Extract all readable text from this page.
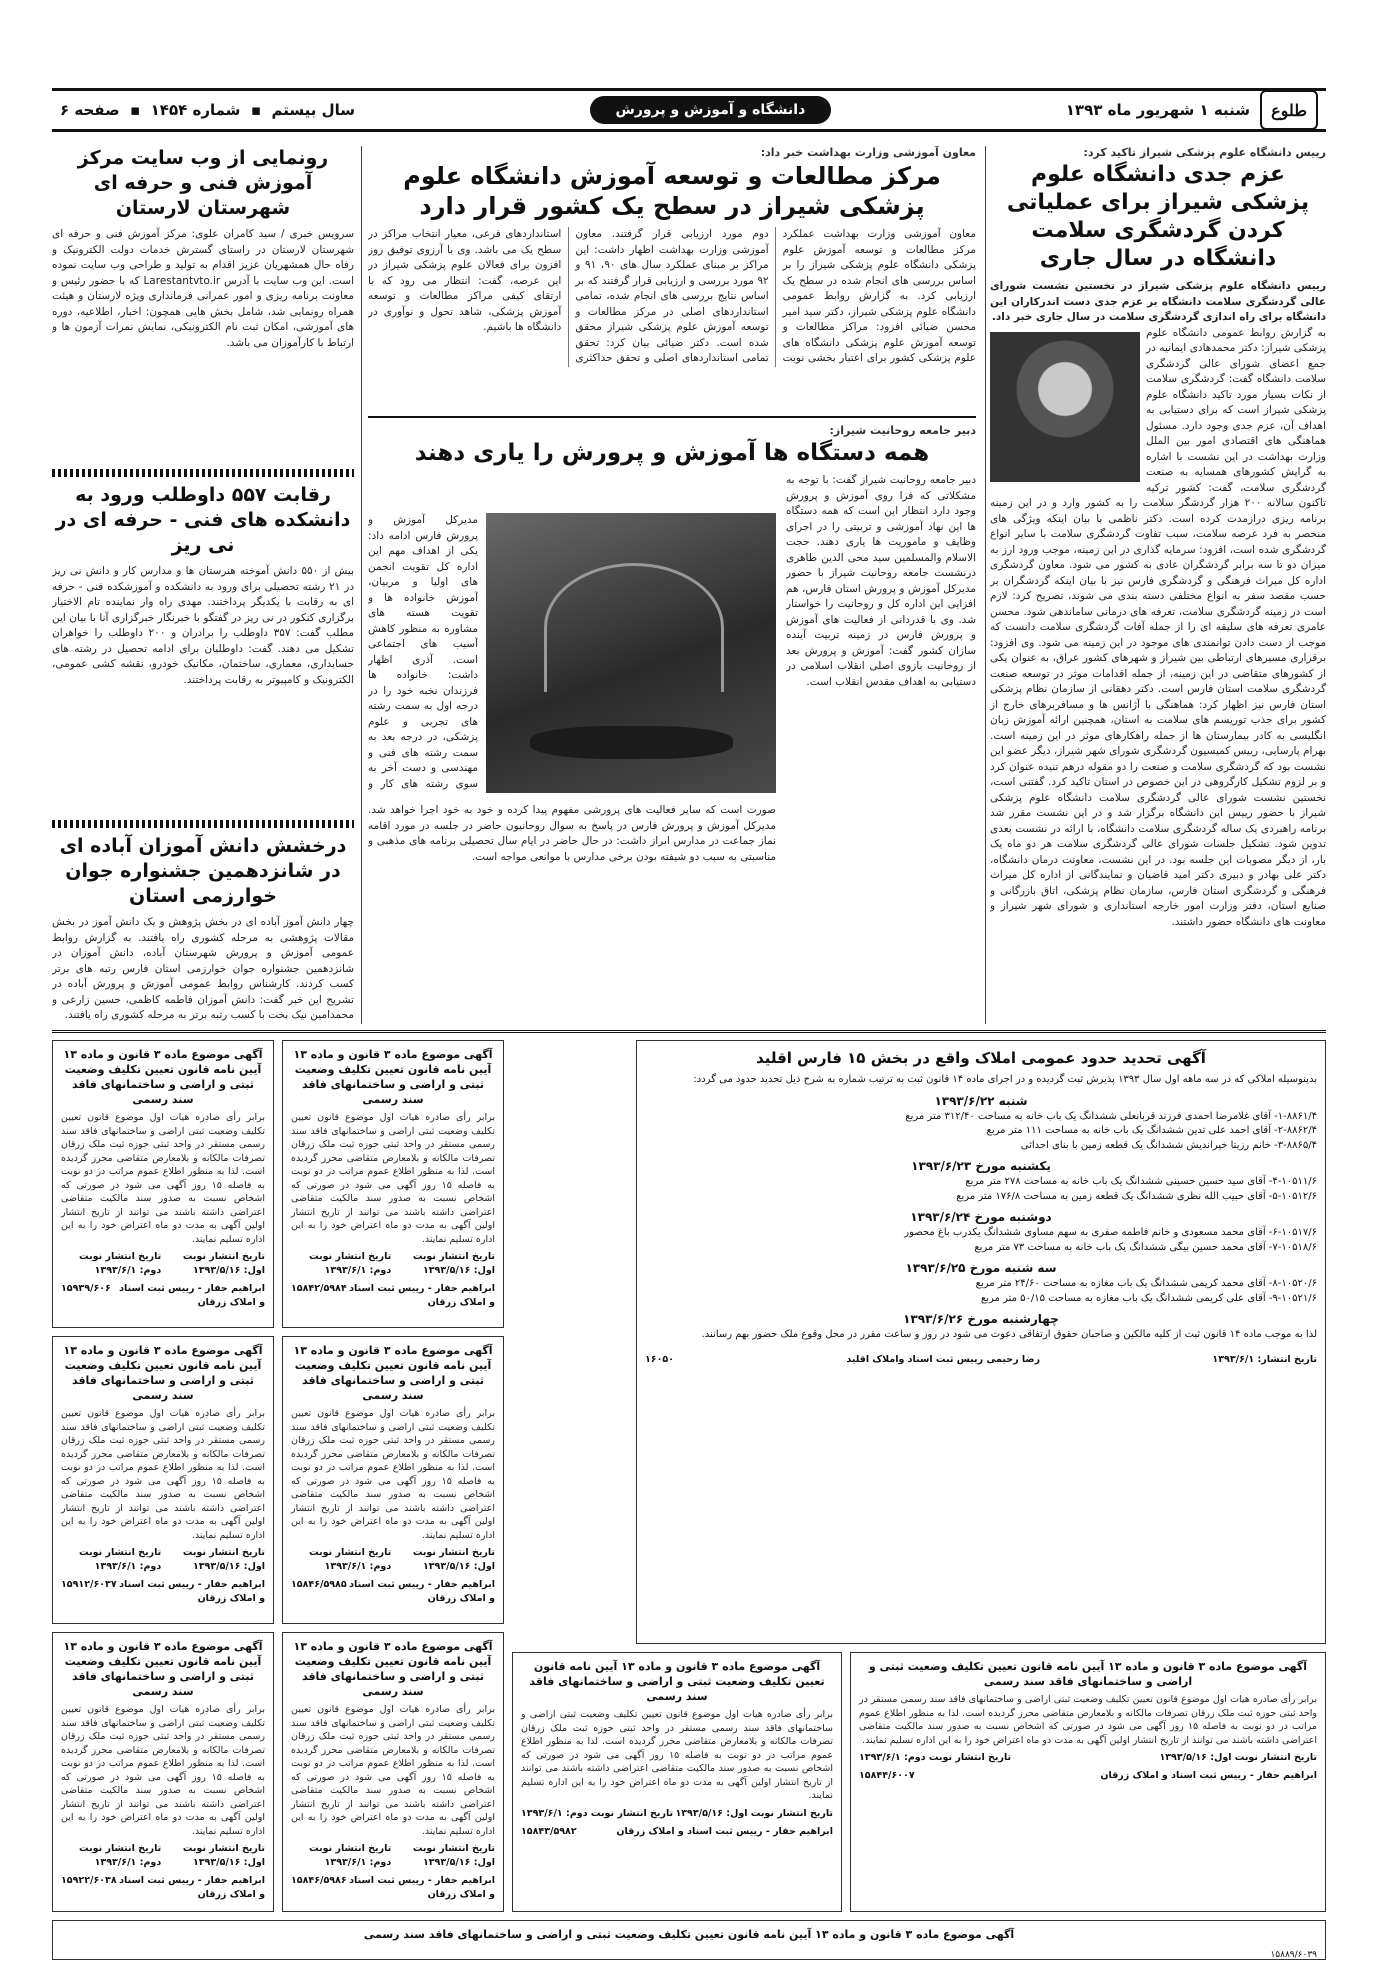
طلوع
شنبه ۱ شهریور ماه ۱۳۹۳
دانشگاه و آموزش و پرورش
سال بیستم  ▪  شماره ۱۴۵۴  ▪  صفحه ۶
رییس دانشگاه علوم پزشکی شیراز تاکید کرد:
عزم جدی دانشگاه علوم پزشکی شیراز برای عملیاتی کردن گردشگری سلامت دانشگاه در سال جاری
رییس دانشگاه علوم پزشکی شیراز در نخستین نشست شورای عالی گردشگری سلامت دانشگاه بر عزم جدی دست اندرکاران این دانشگاه برای راه اندازی گردشگری سلامت در سال جاری خبر داد.
به گزارش روابط عمومی دانشگاه علوم پزشکی شیراز: دکتر محمدهادی ایمانیه در جمع اعضای شورای عالی گردشگری سلامت دانشگاه گفت: گردشگری سلامت از نکات بسیار مورد تاکید دانشگاه علوم پزشکی شیراز است که برای دستیابی به اهداف آن، عزم جدی وجود دارد. مسئول هماهنگی های اقتصادی امور بین الملل وزارت بهداشت در این نشست با اشاره به گرایش کشورهای همسایه به صنعت گردشگری سلامت، گفت: کشور ترکیه تاکنون سالانه ۲۰۰ هزار گردشگر سلامت را به کشور وارد و در این زمینه برنامه ریزی درازمدت کرده است. دکتر ناظمی با بیان اینکه ویژگی های منحصر به فرد عرصه سلامت، سبب تفاوت گردشگری سلامت با سایر انواع گردشگری شده است، افزود: سرمایه گذاری در این زمینه، موجب ورود ارز به میزان دو تا سه برابر گردشگران عادی به کشور می شود. معاون گردشگری اداره کل میراث فرهنگی و گردشگری فارس نیز با بیان اینکه گردشگران بر حسب مقصد سفر به انواع مختلفی دسته بندی می شوند، تصریح کرد: لازم است در زمینه گردشگری سلامت، تعرفه های درمانی ساماندهی شود. محسن عامری تعرفه های سلیقه ای را از جمله آفات گردشگری سلامت دانست که موجب از دست دادن توانمندی های موجود در این زمینه می شود. وی افزود: برقراری مسیرهای ارتباطی بین شیراز و شهرهای کشور عراق، به عنوان یکی از کشورهای متقاضی در این زمینه، از جمله اقدامات موثر در توسعه صنعت گردشگری سلامت استان فارس است. دکتر دهقانی از سازمان نظام پزشکی استان فارس نیز اظهار کرد: هماهنگی با آژانس ها و مسافربرهای خارج از کشور برای جذب توریسم های سلامت به استان، همچنین ارائه آموزش زبان انگلیسی به کادر بیمارستان ها از جمله راهکارهای موثر در این زمینه است. بهرام پارسایی، رییس کمیسیون گردشگری شورای شهر شیراز، دیگر عضو این نشست بود که گردشگری سلامت و صنعت را دو مقوله درهم تنیده عنوان کرد و بر لزوم تشکیل کارگروهی در این خصوص در استان تاکید کرد. گفتنی است، نخستین نشست شورای عالی گردشگری سلامت دانشگاه علوم پزشکی شیراز با حضور رییس این دانشگاه برگزار شد و در این نشست مقرر شد برنامه راهبردی یک ساله گردشگری سلامت دانشگاه، با ارائه در نشست بعدی تدوین شود. تشکیل جلسات شورای عالی گردشگری سلامت هر دو ماه یک بار، از دیگر مصوبات این جلسه بود. در این نشست، معاونت درمان دانشگاه، دکتر علی بهادر و دبیری دکتر امید قاضیان و نمایندگانی از اداره کل میراث فرهنگی و گردشگری استان فارس، سازمان نظام پزشکی، اتاق بازرگانی و صنایع استان، دفتر وزارت امور خارجه استانداری و شورای شهر شیراز و معاونت های دانشگاه حضور داشتند.
معاون آموزشی وزارت بهداشت خبر داد:
مرکز مطالعات و توسعه آموزش دانشگاه علوم پزشکی شیراز در سطح یک کشور قرار دارد
معاون آموزشی وزارت بهداشت عملکرد مرکز مطالعات و توسعه آموزش علوم پزشکی دانشگاه علوم پزشکی شیراز را بر اساس بررسی های انجام شده در سطح یک ارزیابی کرد. به گزارش روابط عمومی دانشگاه علوم پزشکی شیراز، دکتر سید امیر محسن ضیائی افزود: مراکز مطالعات و توسعه آموزش علوم پزشکی دانشگاه های علوم پزشکی کشور برای اعتبار بخشی نوبت دوم مورد ارزیابی قرار گرفتند. معاون آموزشی وزارت بهداشت اظهار داشت: این مراکز بر مبنای عملکرد سال های ۹۰، ۹۱ و ۹۲ مورد بررسی و ارزیابی قرار گرفتند که بر اساس نتایج بررسی های انجام شده، تمامی استانداردهای اصلی در مرکز مطالعات و توسعه آموزش علوم پزشکی شیراز محقق شده است. دکتر ضیائی بیان کرد: تحقق تمامی استانداردهای اصلی و تحقق حداکثری استانداردهای فرعی، معیار انتخاب مراکز در سطح یک می باشد. وی با آرزوی توفیق روز افزون برای فعالان علوم پزشکی شیراز در این عرصه، گفت: انتظار می رود که با ارتقای کیفی مراکز مطالعات و توسعه آموزش پزشکی، شاهد تحول و نوآوری در دانشگاه ها باشیم.
دبیر جامعه روحانیت شیراز:
همه دستگاه ها آموزش و پرورش را یاری دهند
دبیر جامعه روحانیت شیراز گفت: با توجه به مشکلاتی که فرا روی آموزش و پرورش وجود دارد انتظار این است که همه دستگاه ها این نهاد آموزشی و تربیتی را در اجرای وظایف و ماموریت ها یاری دهند. حجت الاسلام والمسلمین سید محی الدین طاهری درنشست جامعه روحانیت شیراز با حضور مدیرکل آموزش و پرورش استان فارس، هم افزایی این اداره کل و روحانیت را خواستار شد. وی با قدردانی از فعالیت های آموزش و پرورش فارس در زمینه تربیت آینده سازان کشور گفت: آموزش و پرورش بعد از روحانیت بازوی اصلی انقلاب اسلامی در دستیابی به اهداف مقدس انقلاب است.
مدیرکل آموزش و پرورش فارس ادامه داد: یکی از اهداف مهم این اداره کل تقویت انجمن های اولیا و مربیان، آموزش خانواده ها و تقویت هسته های مشاوره به منظور کاهش آسیب های اجتماعی است. آذری اظهار داشت: خانواده ها فرزندان نخبه خود را در درجه اول به سمت رشته های تجربی و علوم پزشکی، در درجه بعد به سمت رشته های فنی و مهندسی و دست آخر به سوی رشته های کار و
صورت است که سایر فعالیت های پرورشی مفهوم پیدا کرده و خود به خود اجرا خواهد شد. مدیرکل آموزش و پرورش فارس در پاسخ به سوال روحانیون حاضر در جلسه در مورد اقامه نماز جماعت در مدارس ابراز داشت: در حال حاضر در ایام سال تحصیلی برنامه های مذهبی و مناسبتی به سبب دو شیفته بودن برخی مدارس با موانعی مواجه است.
رونمایی از وب سایت مرکز آموزش فنی و حرفه ای شهرستان لارستان
سرویس خبری / سید کامران علوی: مرکز آموزش فنی و حرفه ای شهرستان لارستان در راستای گسترش خدمات دولت الکترونیک و رفاه حال همشهریان عزیز اقدام به تولید و طراحی وب سایت نموده است. این وب سایت با آدرس Larestantvto.ir که با حضور رئیس و معاونت برنامه ریزی و امور عمرانی فرمانداری ویژه لارستان و هیئت همراه رونمایی شد، شامل بخش هایی همچون: اخبار، اطلاعیه، دوره های آموزشی، امکان ثبت نام الکترونیکی، نمایش نمرات آزمون ها و ارتباط با کارآموزان می باشد.
رقابت ۵۵۷ داوطلب ورود به دانشکده های فنی - حرفه ای در نی ریز
بیش از ۵۵۰ دانش آموخته هنرستان ها و مدارس کار و دانش نی ریز در ۲۱ رشته تحصیلی برای ورود به دانشکده و آموزشکده فنی - حرفه ای به رقابت با یکدیگر پرداختند. مهدی راه وار نماینده تام الاختیار برگزاری کنکور در نی ریز در گفتگو با خبرنگار خبرگزاری آنا با بیان این مطلب گفت: ۳۵۷ داوطلب را برادران و ۲۰۰ داوطلب را خواهران تشکیل می دهند. گفت: داوطلبان برای ادامه تحصیل در رشته های حسابداری، معماری، ساختمان، مکانیک خودرو، نقشه کشی عمومی، الکترونیک و کامپیوتر به رقابت پرداختند.
درخشش دانش آموزان آباده ای در شانزدهمین جشنواره جوان خوارزمی استان
چهار دانش آموز آباده ای در بخش پژوهش و یک دانش آموز در بخش مقالات پژوهشی به مرحله کشوری راه یافتند. به گزارش روابط عمومی آموزش و پرورش شهرستان آباده، دانش آموزان در شانزدهمین جشنواره جوان خوارزمی استان فارس رتبه های برتر کسب کردند. کارشناس روابط عمومی آموزش و پرورش آباده در تشریح این خبر گفت: دانش آموزان فاطمه کاظمی، حسین زارعی و محمدامین نیک بخت با کسب رتبه برتر به مرحله کشوری راه یافتند.
آگهی تحدید حدود عمومی املاک واقع در بخش ۱۵ فارس اقلید
بدینوسیله املاکی که در سه ماهه اول سال ۱۳۹۳ پذیرش ثبت گردیده و در اجرای ماده ۱۴ قانون ثبت به ترتیب شماره به شرح ذیل تحدید حدود می گردد:
شنبه ۱۳۹۳/۶/۲۲
۱-۸۸۶۱/۴- آقای غلامرضا احمدی فرزند قربانعلی ششدانگ یک باب خانه به مساحت ۳۱۲/۴۰ متر مربع
۲-۸۸۶۲/۴- آقای احمد علی تدین ششدانگ یک باب خانه به مساحت ۱۱۱ متر مربع
۳-۸۸۶۵/۴- خانم رزیتا خیراندیش ششدانگ یک قطعه زمین با بنای احداثی
یکشنبه مورخ ۱۳۹۳/۶/۲۳
۴-۱۰۵۱۱/۶- آقای سید حسین حسینی ششدانگ یک باب خانه به مساحت ۲۷۸ متر مربع
۵-۱۰۵۱۲/۶- آقای حبیب الله نظری ششدانگ یک قطعه زمین به مساحت ۱۷۶/۸ متر مربع
دوشنبه مورخ ۱۳۹۳/۶/۲۴
۶-۱۰۵۱۷/۶- آقای محمد مسعودی و خانم فاطمه صفری به سهم مساوی ششدانگ یکدرب باغ محصور
۷-۱۰۵۱۸/۶- آقای محمد حسین بیگی ششدانگ یک باب خانه به مساحت ۷۳ متر مربع
سه شنبه مورخ ۱۳۹۳/۶/۲۵
۸-۱۰۵۲۰/۶- آقای محمد کریمی ششدانگ یک باب مغازه به مساحت ۲۴/۶۰ متر مربع
۹-۱۰۵۲۱/۶- آقای علی کریمی ششدانگ یک باب مغازه به مساحت ۵۰/۱۵ متر مربع
چهارشنبه مورخ ۱۳۹۳/۶/۲۶
لذا به موجب ماده ۱۴ قانون ثبت از کلیه مالکین و صاحبان حقوق ارتفاقی دعوت می شود در روز و ساعت مقرر در محل وقوع ملک حضور بهم رسانند.
تاریخ انتشار: ۱۳۹۳/۶/۱
رضا رحیمی رییس ثبت اسناد واملاک اقلید
۱۶۰۵۰
آگهی موضوع ماده ۳ قانون و ماده ۱۳ آیین نامه قانون تعیین تکلیف وضعیت ثبتی و اراضی و ساختمانهای فاقد سند رسمی
برابر رأی صادره هیات اول موضوع قانون تعیین تکلیف وضعیت ثبتی اراضی و ساختمانهای فاقد سند رسمی مستقر در واحد ثبتی حوزه ثبت ملک زرقان تصرفات مالکانه و بلامعارض متقاضی محرز گردیده است. لذا به منظور اطلاع عموم مراتب در دو نوبت به فاصله ۱۵ روز آگهی می شود در صورتی که اشخاص نسبت به صدور سند مالکیت متقاضی اعتراضی داشته باشند می توانند از تاریخ انتشار اولین آگهی به مدت دو ماه اعتراض خود را به این اداره تسلیم نمایند.
تاریخ انتشار نوبت اول: ۱۳۹۳/۵/۱۶
تاریخ انتشار نوبت دوم: ۱۳۹۳/۶/۱
ابراهیم حفار - رییس ثبت اسناد و املاک زرقان
۱۵۹۳۹/۶۰۶
آگهی موضوع ماده ۳ قانون و ماده ۱۳ آیین نامه قانون تعیین تکلیف وضعیت ثبتی و اراضی و ساختمانهای فاقد سند رسمی
برابر رأی صادره هیات اول موضوع قانون تعیین تکلیف وضعیت ثبتی اراضی و ساختمانهای فاقد سند رسمی مستقر در واحد ثبتی حوزه ثبت ملک زرقان تصرفات مالکانه و بلامعارض متقاضی محرز گردیده است. لذا به منظور اطلاع عموم مراتب در دو نوبت به فاصله ۱۵ روز آگهی می شود در صورتی که اشخاص نسبت به صدور سند مالکیت متقاضی اعتراضی داشته باشند می توانند از تاریخ انتشار اولین آگهی به مدت دو ماه اعتراض خود را به این اداره تسلیم نمایند.
تاریخ انتشار نوبت اول: ۱۳۹۳/۵/۱۶
تاریخ انتشار نوبت دوم: ۱۳۹۳/۶/۱
ابراهیم حفار - رییس ثبت اسناد و املاک زرقان
۱۵۸۴۲/۵۹۸۴
آگهی موضوع ماده ۳ قانون و ماده ۱۳ آیین نامه قانون تعیین تکلیف وضعیت ثبتی و اراضی و ساختمانهای فاقد سند رسمی
برابر رأی صادره هیات اول موضوع قانون تعیین تکلیف وضعیت ثبتی اراضی و ساختمانهای فاقد سند رسمی مستقر در واحد ثبتی حوزه ثبت ملک زرقان تصرفات مالکانه و بلامعارض متقاضی محرز گردیده است. لذا به منظور اطلاع عموم مراتب در دو نوبت به فاصله ۱۵ روز آگهی می شود در صورتی که اشخاص نسبت به صدور سند مالکیت متقاضی اعتراضی داشته باشند می توانند از تاریخ انتشار اولین آگهی به مدت دو ماه اعتراض خود را به این اداره تسلیم نمایند.
تاریخ انتشار نوبت اول: ۱۳۹۳/۵/۱۶
تاریخ انتشار نوبت دوم: ۱۳۹۳/۶/۱
ابراهیم حفار - رییس ثبت اسناد و املاک زرقان
۱۵۹۱۲/۶۰۳۷
آگهی موضوع ماده ۳ قانون و ماده ۱۳ آیین نامه قانون تعیین تکلیف وضعیت ثبتی و اراضی و ساختمانهای فاقد سند رسمی
برابر رأی صادره هیات اول موضوع قانون تعیین تکلیف وضعیت ثبتی اراضی و ساختمانهای فاقد سند رسمی مستقر در واحد ثبتی حوزه ثبت ملک زرقان تصرفات مالکانه و بلامعارض متقاضی محرز گردیده است. لذا به منظور اطلاع عموم مراتب در دو نوبت به فاصله ۱۵ روز آگهی می شود در صورتی که اشخاص نسبت به صدور سند مالکیت متقاضی اعتراضی داشته باشند می توانند از تاریخ انتشار اولین آگهی به مدت دو ماه اعتراض خود را به این اداره تسلیم نمایند.
تاریخ انتشار نوبت اول: ۱۳۹۳/۵/۱۶
تاریخ انتشار نوبت دوم: ۱۳۹۳/۶/۱
ابراهیم حفار - رییس ثبت اسناد و املاک زرقان
۱۵۸۴۶/۵۹۸۵
آگهی موضوع ماده ۳ قانون و ماده ۱۳ آیین نامه قانون تعیین تکلیف وضعیت ثبتی و اراضی و ساختمانهای فاقد سند رسمی
برابر رأی صادره هیات اول موضوع قانون تعیین تکلیف وضعیت ثبتی اراضی و ساختمانهای فاقد سند رسمی مستقر در واحد ثبتی حوزه ثبت ملک زرقان تصرفات مالکانه و بلامعارض متقاضی محرز گردیده است. لذا به منظور اطلاع عموم مراتب در دو نوبت به فاصله ۱۵ روز آگهی می شود در صورتی که اشخاص نسبت به صدور سند مالکیت متقاضی اعتراضی داشته باشند می توانند از تاریخ انتشار اولین آگهی به مدت دو ماه اعتراض خود را به این اداره تسلیم نمایند.
تاریخ انتشار نوبت اول: ۱۳۹۳/۵/۱۶
تاریخ انتشار نوبت دوم: ۱۳۹۳/۶/۱
ابراهیم حفار - رییس ثبت اسناد و املاک زرقان
۱۵۹۲۲/۶۰۳۸
آگهی موضوع ماده ۳ قانون و ماده ۱۳ آیین نامه قانون تعیین تکلیف وضعیت ثبتی و اراضی و ساختمانهای فاقد سند رسمی
برابر رأی صادره هیات اول موضوع قانون تعیین تکلیف وضعیت ثبتی اراضی و ساختمانهای فاقد سند رسمی مستقر در واحد ثبتی حوزه ثبت ملک زرقان تصرفات مالکانه و بلامعارض متقاضی محرز گردیده است. لذا به منظور اطلاع عموم مراتب در دو نوبت به فاصله ۱۵ روز آگهی می شود در صورتی که اشخاص نسبت به صدور سند مالکیت متقاضی اعتراضی داشته باشند می توانند از تاریخ انتشار اولین آگهی به مدت دو ماه اعتراض خود را به این اداره تسلیم نمایند.
تاریخ انتشار نوبت اول: ۱۳۹۳/۵/۱۶
تاریخ انتشار نوبت دوم: ۱۳۹۳/۶/۱
ابراهیم حفار - رییس ثبت اسناد و املاک زرقان
۱۵۸۴۶/۵۹۸۶
آگهی موضوع ماده ۳ قانون و ماده ۱۳ آیین نامه قانون تعیین تکلیف وضعیت ثبتی و اراضی و ساختمانهای فاقد سند رسمی
برابر رأی صادره هیات اول موضوع قانون تعیین تکلیف وضعیت ثبتی اراضی و ساختمانهای فاقد سند رسمی مستقر در واحد ثبتی حوزه ثبت ملک زرقان تصرفات مالکانه و بلامعارض متقاضی محرز گردیده است. لذا به منظور اطلاع عموم مراتب در دو نوبت به فاصله ۱۵ روز آگهی می شود در صورتی که اشخاص نسبت به صدور سند مالکیت متقاضی اعتراضی داشته باشند می توانند از تاریخ انتشار اولین آگهی به مدت دو ماه اعتراض خود را به این اداره تسلیم نمایند.
تاریخ انتشار نوبت اول: ۱۳۹۳/۵/۱۶
تاریخ انتشار نوبت دوم: ۱۳۹۳/۶/۱
ابراهیم حفار - رییس ثبت اسناد و املاک زرقان
۱۵۸۴۳/۵۹۸۲
آگهی موضوع ماده ۳ قانون و ماده ۱۳ آیین نامه قانون تعیین تکلیف وضعیت ثبتی و اراضی و ساختمانهای فاقد سند رسمی
برابر رأی صادره هیات اول موضوع قانون تعیین تکلیف وضعیت ثبتی اراضی و ساختمانهای فاقد سند رسمی مستقر در واحد ثبتی حوزه ثبت ملک زرقان تصرفات مالکانه و بلامعارض متقاضی محرز گردیده است. لذا به منظور اطلاع عموم مراتب در دو نوبت به فاصله ۱۵ روز آگهی می شود در صورتی که اشخاص نسبت به صدور سند مالکیت متقاضی اعتراضی داشته باشند می توانند از تاریخ انتشار اولین آگهی به مدت دو ماه اعتراض خود را به این اداره تسلیم نمایند.
تاریخ انتشار نوبت اول: ۱۳۹۳/۵/۱۶
تاریخ انتشار نوبت دوم: ۱۳۹۳/۶/۱
ابراهیم حفار - رییس ثبت اسناد و املاک زرقان
۱۵۸۴۴/۶۰۰۷
آگهی موضوع ماده ۳ قانون و ماده ۱۳ آیین نامه قانون تعیین تکلیف وضعیت ثبتی و اراضی و ساختمانهای فاقد سند رسمی
۱۵۸۸۹/۶۰۳۹
